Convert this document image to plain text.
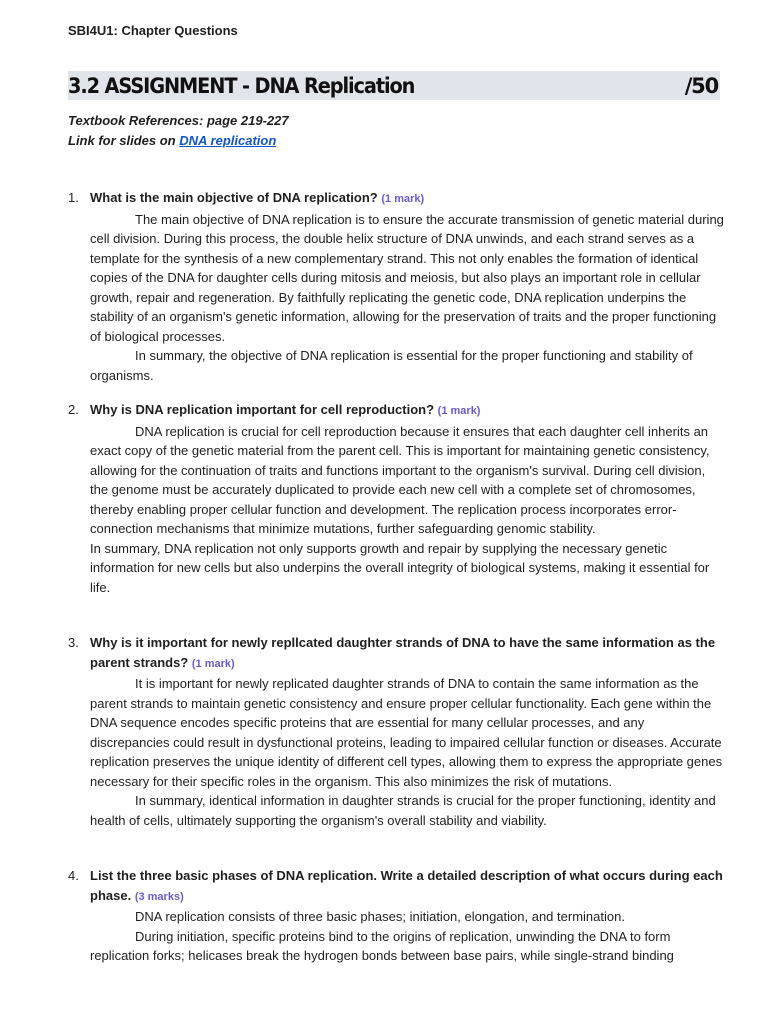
SBI4U1: Chapter Questions
3.2 ASSIGNMENT - DNA Replication	/50
Textbook References: page 219-227
Link for slides on DNA replication
1. What is the main objective of DNA replication? (1 mark)

The main objective of DNA replication is to ensure the accurate transmission of genetic material during cell division. During this process, the double helix structure of DNA unwinds, and each strand serves as a template for the synthesis of a new complementary strand. This not only enables the formation of identical copies of the DNA for daughter cells during mitosis and meiosis, but also plays an important role in cellular growth, repair and regeneration. By faithfully replicating the genetic code, DNA replication underpins the stability of an organism's genetic information, allowing for the preservation of traits and the proper functioning of biological processes.

In summary, the objective of DNA replication is essential for the proper functioning and stability of organisms.

2. Why is DNA replication important for cell reproduction? (1 mark)

DNA replication is crucial for cell reproduction because it ensures that each daughter cell inherits an exact copy of the genetic material from the parent cell. This is important for maintaining genetic consistency, allowing for the continuation of traits and functions important to the organism's survival. During cell division, the genome must be accurately duplicated to provide each new cell with a complete set of chromosomes, thereby enabling proper cellular function and development. The replication process incorporates error-connection mechanisms that minimize mutations, further safeguarding genomic stability.

In summary, DNA replication not only supports growth and repair by supplying the necessary genetic information for new cells but also underpins the overall integrity of biological systems, making it essential for life.

3. Why is it important for newly repllcated daughter strands of DNA to have the same information as the parent strands? (1 mark)

It is important for newly replicated daughter strands of DNA to contain the same information as the parent strands to maintain genetic consistency and ensure proper cellular functionality. Each gene within the DNA sequence encodes specific proteins that are essential for many cellular processes, and any discrepancies could result in dysfunctional proteins, leading to impaired cellular function or diseases. Accurate replication preserves the unique identity of different cell types, allowing them to express the appropriate genes necessary for their specific roles in the organism. This also minimizes the risk of mutations.

In summary, identical information in daughter strands is crucial for the proper functioning, identity and health of cells, ultimately supporting the organism's overall stability and viability.

4. List the three basic phases of DNA replication. Write a detailed description of what occurs during each phase. (3 marks)

DNA replication consists of three basic phases; initiation, elongation, and termination.

During initiation, specific proteins bind to the origins of replication, unwinding the DNA to form replication forks; helicases break the hydrogen bonds between base pairs, while single-strand binding
